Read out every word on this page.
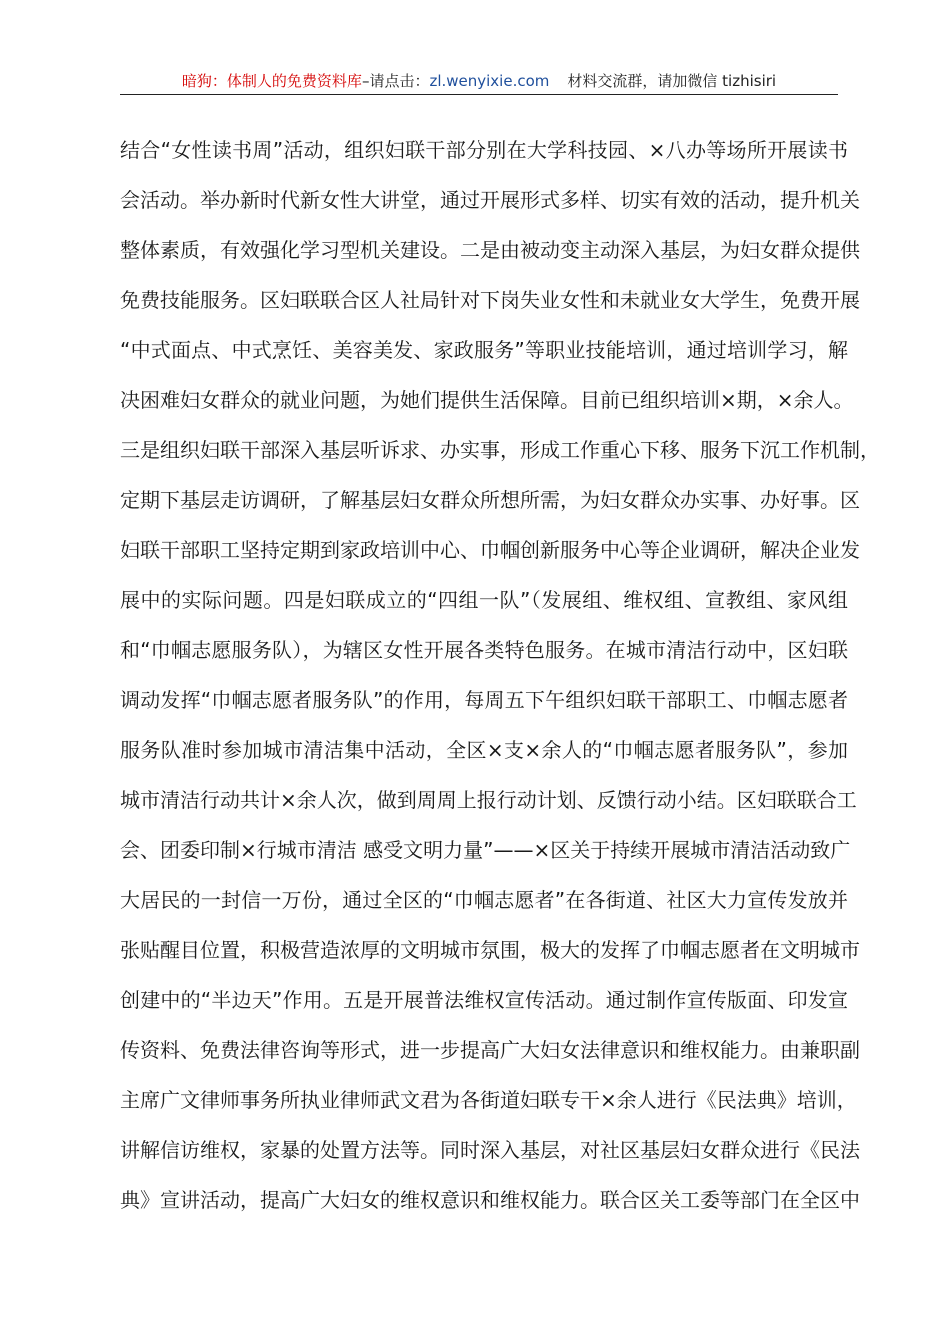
暗狗：体制人的免费资料库–请点击：zl.wenyixie.com 材料交流群，请加微信 tizhisiri
结合“女性读书周”活动，组织妇联干部分别在大学科技园、×八办等场所开展读书
会活动。举办新时代新女性大讲堂，通过开展形式多样、切实有效的活动，提升机关
整体素质，有效强化学习型机关建设。二是由被动变主动深入基层，为妇女群众提供
免费技能服务。区妇联联合区人社局针对下岗失业女性和未就业女大学生，免费开展
“中式面点、中式烹饪、美容美发、家政服务”等职业技能培训，通过培训学习，解
决困难妇女群众的就业问题，为她们提供生活保障。目前已组织培训×期，×余人。
三是组织妇联干部深入基层听诉求、办实事，形成工作重心下移、服务下沉工作机制，
定期下基层走访调研，了解基层妇女群众所想所需，为妇女群众办实事、办好事。区
妇联干部职工坚持定期到家政培训中心、巾帼创新服务中心等企业调研，解决企业发
展中的实际问题。四是妇联成立的“四组一队”（发展组、维权组、宣教组、家风组
和“巾帼志愿服务队），为辖区女性开展各类特色服务。在城市清洁行动中，区妇联
调动发挥“巾帼志愿者服务队”的作用，每周五下午组织妇联干部职工、巾帼志愿者
服务队准时参加城市清洁集中活动，全区×支×余人的“巾帼志愿者服务队”，参加
城市清洁行动共计×余人次，做到周周上报行动计划、反馈行动小结。区妇联联合工
会、团委印制×行城市清洁 感受文明力量”——×区关于持续开展城市清洁活动致广
大居民的一封信一万份，通过全区的“巾帼志愿者”在各街道、社区大力宣传发放并
张贴醒目位置，积极营造浓厚的文明城市氛围，极大的发挥了巾帼志愿者在文明城市
创建中的“半边天”作用。五是开展普法维权宣传活动。通过制作宣传版面、印发宣
传资料、免费法律咨询等形式，进一步提高广大妇女法律意识和维权能力。由兼职副
主席广文律师事务所执业律师武文君为各街道妇联专干×余人进行《民法典》培训，
讲解信访维权，家暴的处置方法等。同时深入基层，对社区基层妇女群众进行《民法
典》宣讲活动，提高广大妇女的维权意识和维权能力。联合区关工委等部门在全区中
